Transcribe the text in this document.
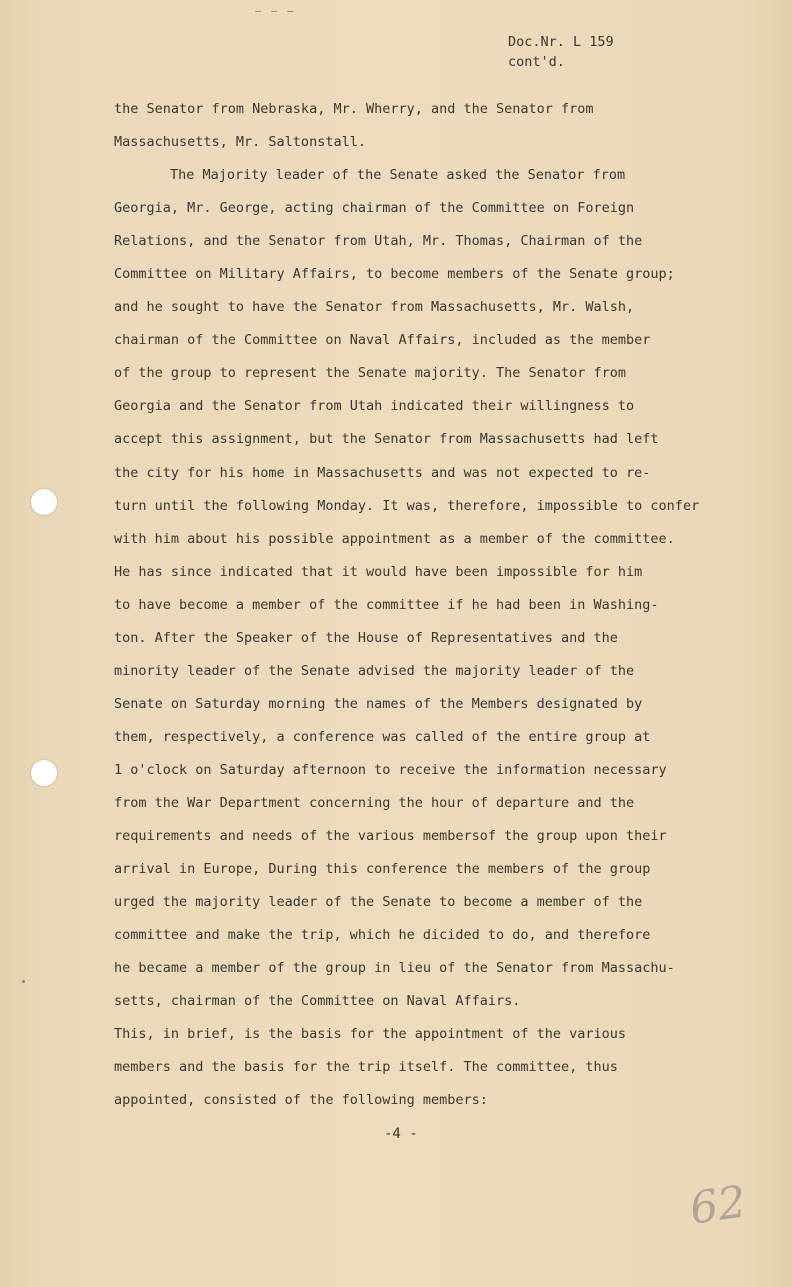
— — –
Doc.Nr. L 159
cont'd.
the Senator from Nebraska, Mr. Wherry, and the Senator from
Massachusetts, Mr. Saltonstall.
The Majority leader of the Senate asked the Senator from
Georgia, Mr. George, acting chairman of the Committee on Foreign
Relations, and the Senator from Utah, Mr. Thomas, Chairman of the
Committee on Military Affairs, to become members of the Senate group;
and he sought to have the Senator from Massachusetts, Mr. Walsh,
chairman of the Committee on Naval Affairs, included as the member
of the group to represent the Senate majority. The Senator from
Georgia and the Senator from Utah indicated their willingness to
accept this assignment, but the Senator from Massachusetts had left
the city for his home in Massachusetts and was not expected to re-
turn until the following Monday. It was, therefore, impossible to confer
with him about his possible appointment as a member of the committee.
He has since indicated that it would have been impossible for him
to have become a member of the committee if he had been in Washing-
ton. After the Speaker of the House of Representatives and the
minority leader of the Senate advised the majority leader of the
Senate on Saturday morning the names of the Members designated by
them, respectively, a conference was called of the entire group at
1 o'clock on Saturday afternoon to receive the information necessary
from the War Department concerning the hour of departure and the
requirements and needs of the various membersof the group upon their
arrival in Europe, During this conference the members of the group
urged the majority leader of the Senate to become a member of the
committee and make the trip, which he dicided to do, and therefore
he became a member of the group in lieu of the Senator from Massachu-
setts, chairman of the Committee on Naval Affairs.
This, in brief, is the basis for the appointment of the various
members and the basis for the trip itself. The committee, thus
appointed, consisted of the following members:
-4 -
62
